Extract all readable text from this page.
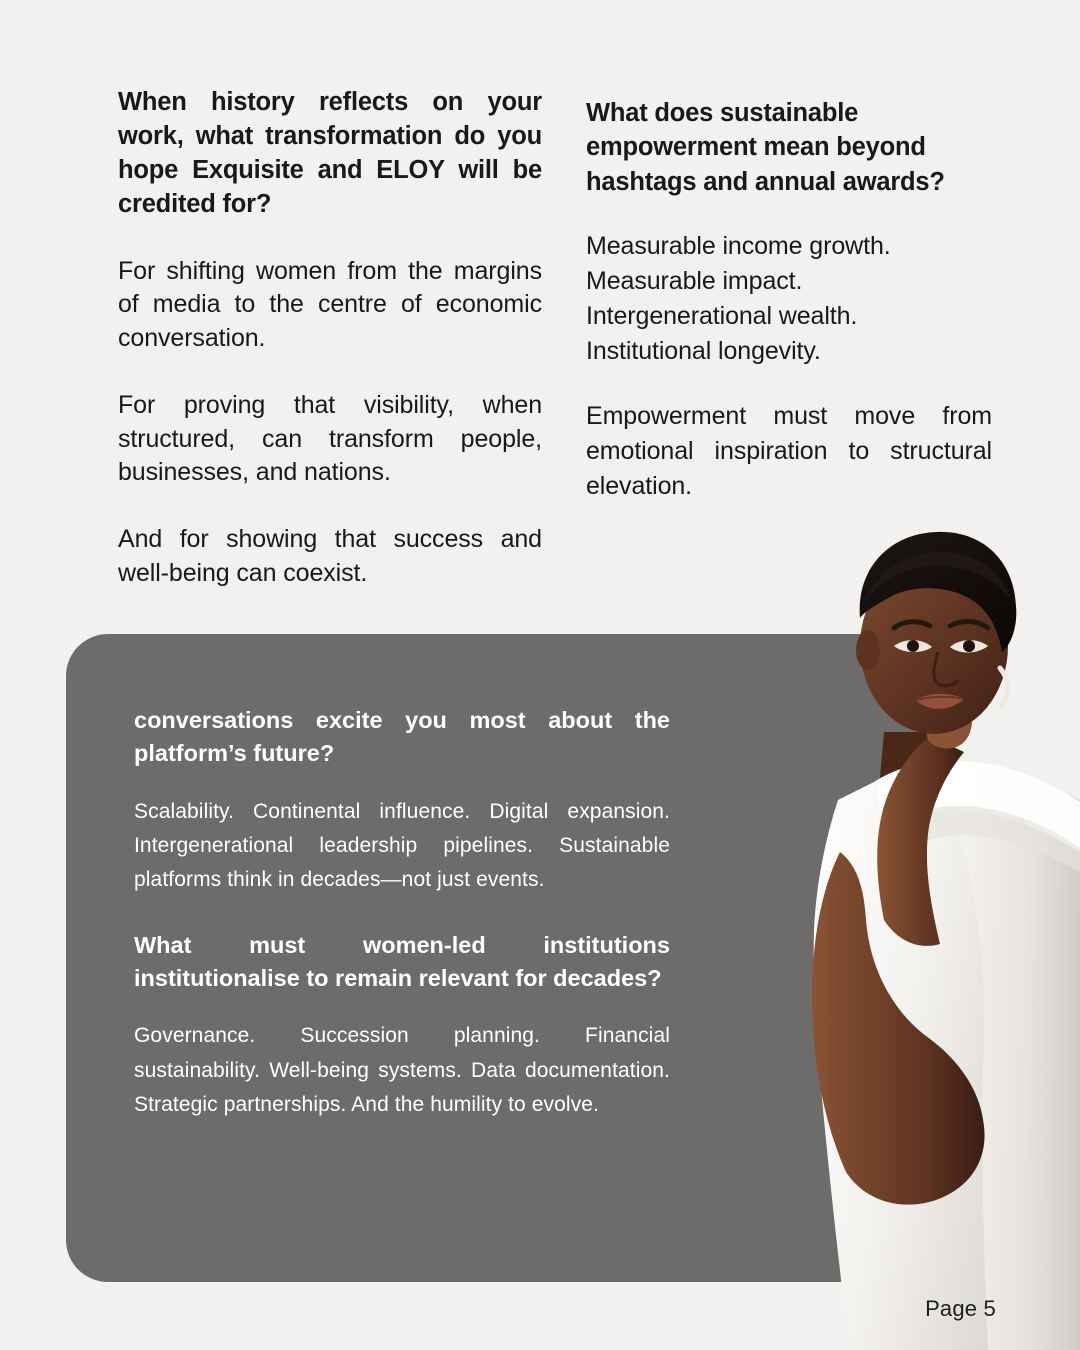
When history reflects on your work, what transformation do you hope Exquisite and ELOY will be credited for?
For shifting women from the margins of media to the centre of economic conversation.
For proving that visibility, when structured, can transform people, businesses, and nations.
And for showing that success and well-being can coexist.
What does sustainable empowerment mean beyond hashtags and annual awards?
Measurable income growth.
Measurable impact.
Intergenerational wealth.
Institutional longevity.
Empowerment must move from emotional inspiration to structural elevation.
conversations excite you most about the platform’s future?
Scalability. Continental influence. Digital expansion. Intergenerational leadership pipelines. Sustainable platforms think in decades—not just events.
What must women-led institutions institutionalise to remain relevant for decades?
Governance. Succession planning. Financial sustainability. Well-being systems. Data documentation. Strategic partnerships. And the humility to evolve.
Page 5
